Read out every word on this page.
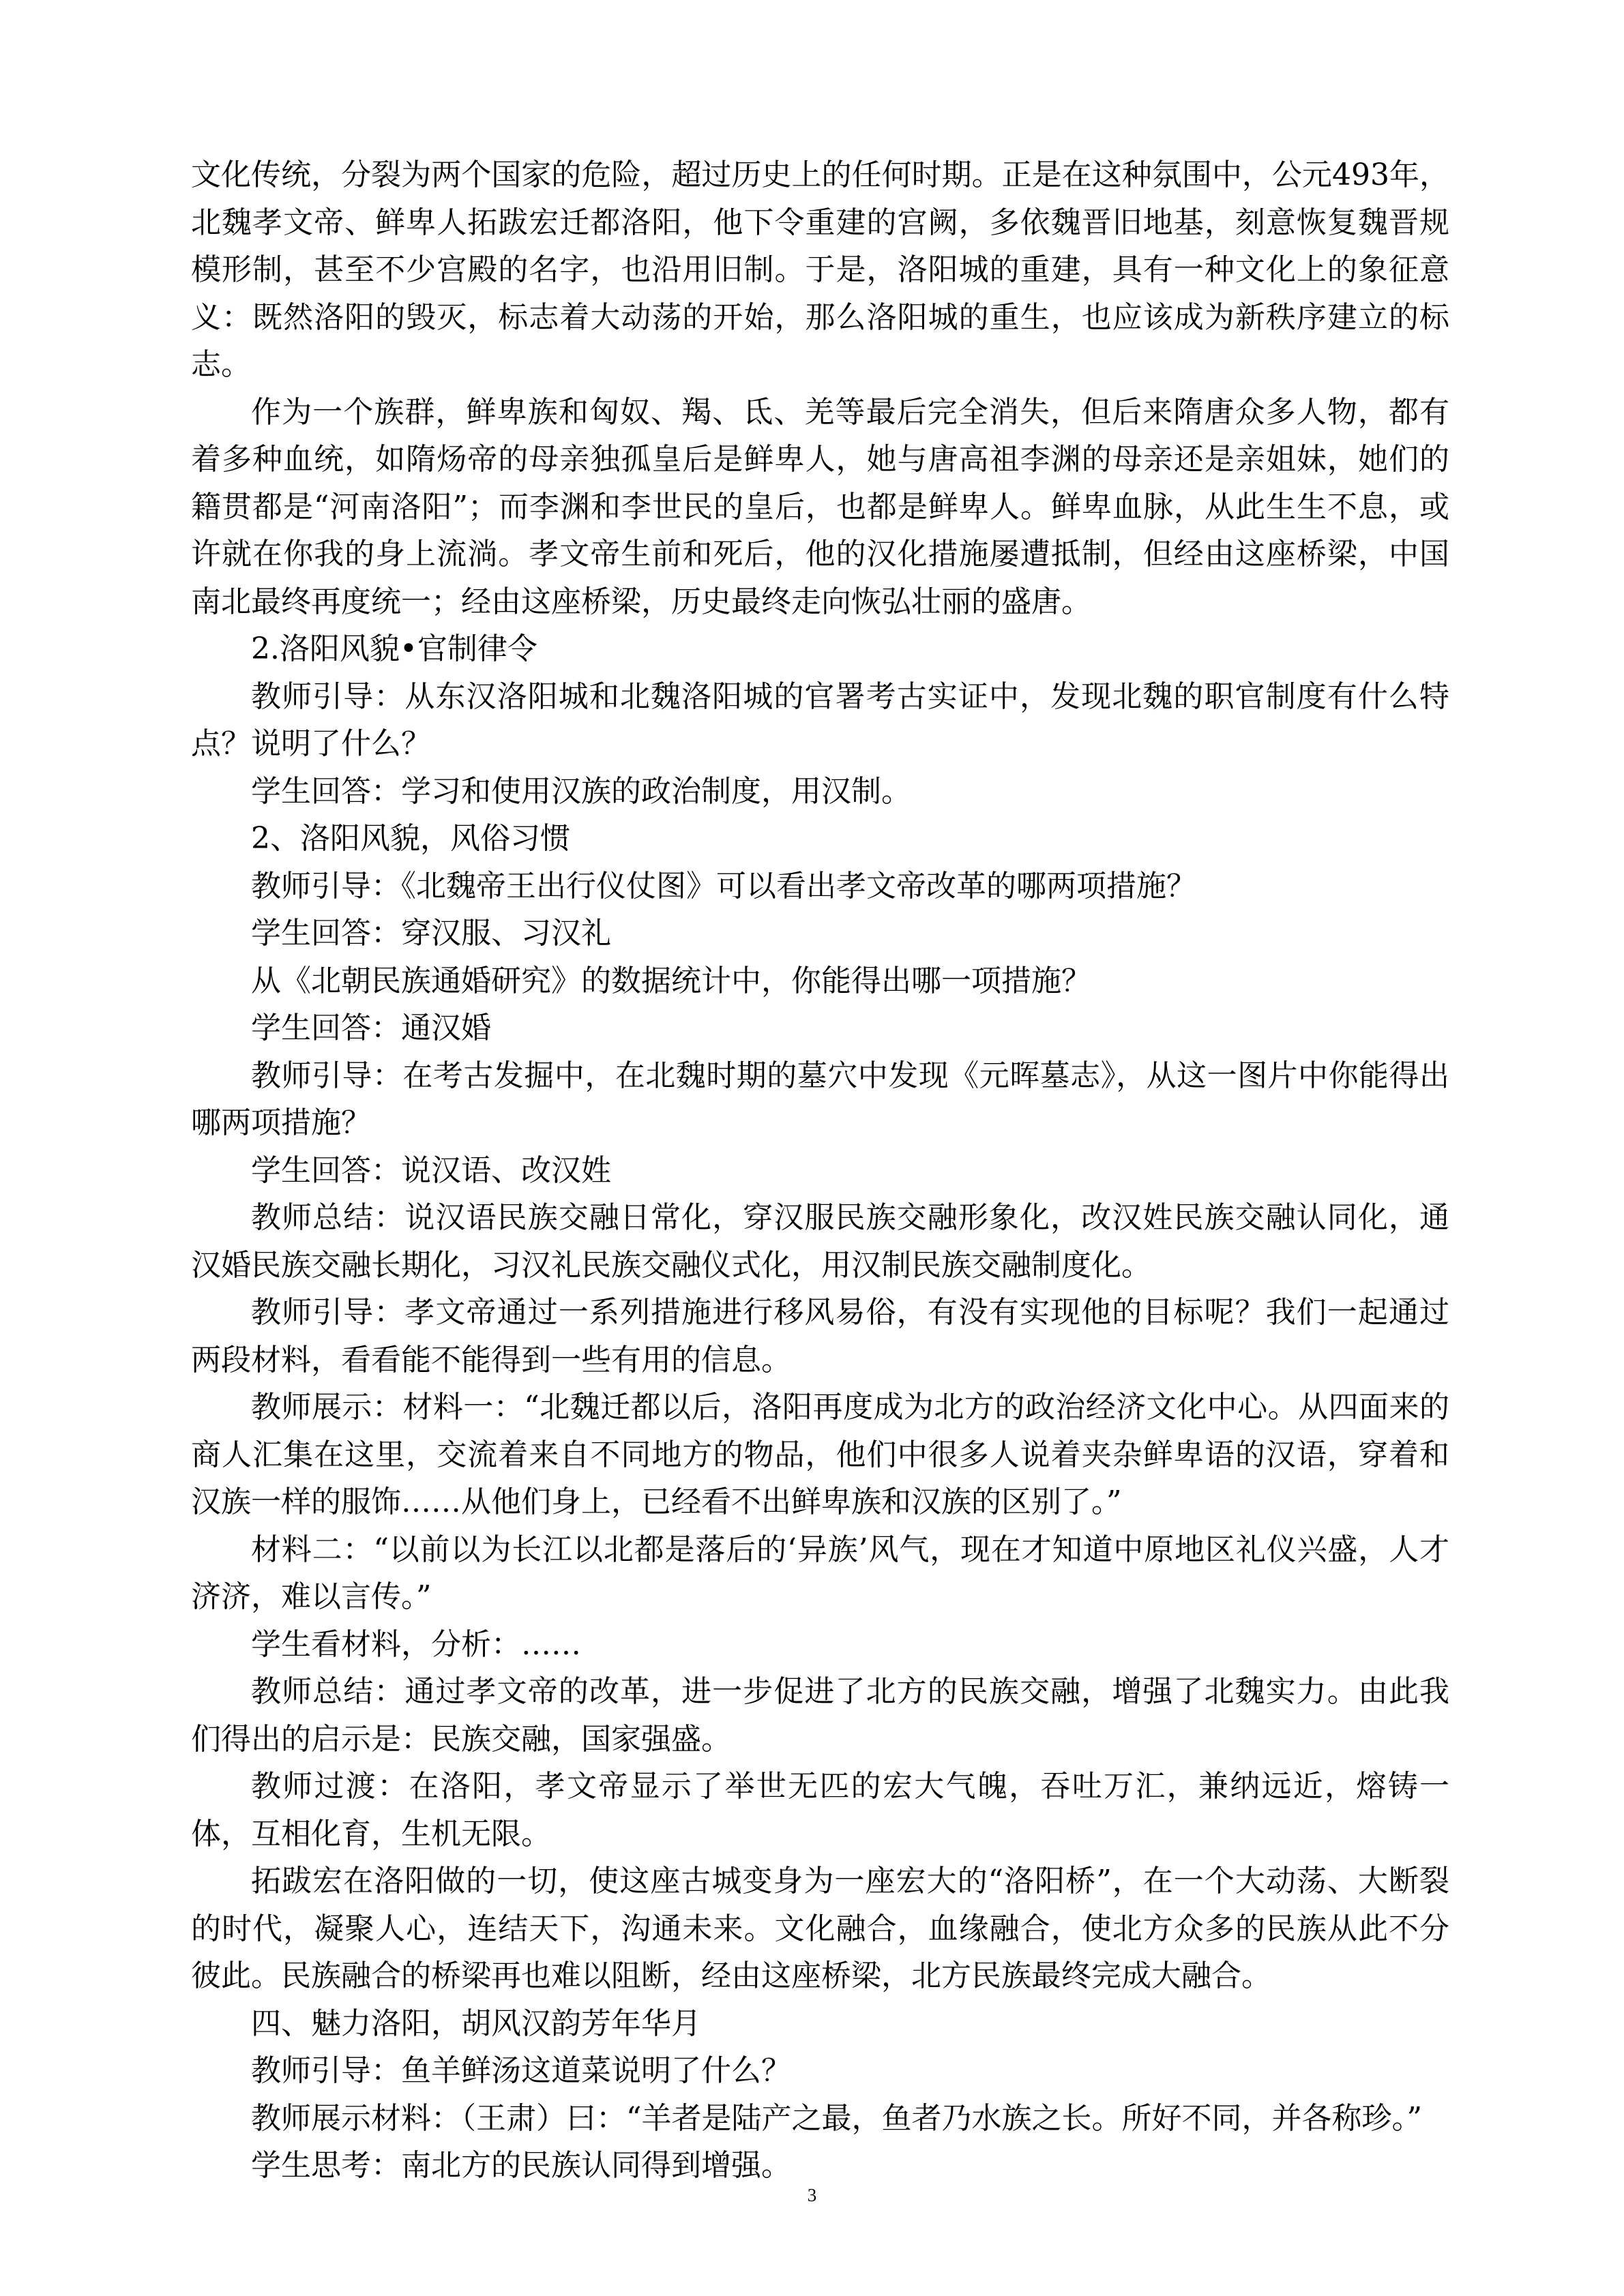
文化传统，分裂为两个国家的危险，超过历史上的任何时期。正是在这种氛围中，公元493年，北魏孝文帝、鲜卑人拓跋宏迁都洛阳，他下令重建的宫阙，多依魏晋旧地基，刻意恢复魏晋规模形制，甚至不少宫殿的名字，也沿用旧制。于是，洛阳城的重建，具有一种文化上的象征意义：既然洛阳的毁灭，标志着大动荡的开始，那么洛阳城的重生，也应该成为新秩序建立的标志。

作为一个族群，鲜卑族和匈奴、羯、氐、羌等最后完全消失，但后来隋唐众多人物，都有着多种血统，如隋炀帝的母亲独孤皇后是鲜卑人，她与唐高祖李渊的母亲还是亲姐妹，她们的籍贯都是“河南洛阳”；而李渊和李世民的皇后，也都是鲜卑人。鲜卑血脉，从此生生不息，或许就在你我的身上流淌。孝文帝生前和死后，他的汉化措施屡遭抵制，但经由这座桥梁，中国南北最终再度统一；经由这座桥梁，历史最终走向恢弘壮丽的盛唐。

2.洛阳风貌•官制律令

教师引导：从东汉洛阳城和北魏洛阳城的官署考古实证中，发现北魏的职官制度有什么特点？说明了什么？

学生回答：学习和使用汉族的政治制度，用汉制。

2、洛阳风貌，风俗习惯

教师引导：《北魏帝王出行仪仗图》可以看出孝文帝改革的哪两项措施？

学生回答：穿汉服、习汉礼

从《北朝民族通婚研究》的数据统计中，你能得出哪一项措施？

学生回答：通汉婚

教师引导：在考古发掘中，在北魏时期的墓穴中发现《元晖墓志》，从这一图片中你能得出哪两项措施？

学生回答：说汉语、改汉姓

教师总结：说汉语民族交融日常化，穿汉服民族交融形象化，改汉姓民族交融认同化，通汉婚民族交融长期化，习汉礼民族交融仪式化，用汉制民族交融制度化。

教师引导：孝文帝通过一系列措施进行移风易俗，有没有实现他的目标呢？我们一起通过两段材料，看看能不能得到一些有用的信息。

教师展示：材料一：“北魏迁都以后，洛阳再度成为北方的政治经济文化中心。从四面来的商人汇集在这里，交流着来自不同地方的物品，他们中很多人说着夹杂鲜卑语的汉语，穿着和汉族一样的服饰……从他们身上，已经看不出鲜卑族和汉族的区别了。”

材料二：“以前以为长江以北都是落后的‘异族’风气，现在才知道中原地区礼仪兴盛，人才济济，难以言传。”

学生看材料，分析：……

教师总结：通过孝文帝的改革，进一步促进了北方的民族交融，增强了北魏实力。由此我们得出的启示是：民族交融，国家强盛。

教师过渡：在洛阳，孝文帝显示了举世无匹的宏大气魄，吞吐万汇，兼纳远近，熔铸一体，互相化育，生机无限。

拓跋宏在洛阳做的一切，使这座古城变身为一座宏大的“洛阳桥”，在一个大动荡、大断裂的时代，凝聚人心，连结天下，沟通未来。文化融合，血缘融合，使北方众多的民族从此不分彼此。民族融合的桥梁再也难以阻断，经由这座桥梁，北方民族最终完成大融合。

四、魅力洛阳，胡风汉韵芳年华月

教师引导：鱼羊鲜汤这道菜说明了什么？

教师展示材料：（王肃）曰：“羊者是陆产之最，鱼者乃水族之长。所好不同，并各称珍。”

学生思考：南北方的民族认同得到增强。

3
